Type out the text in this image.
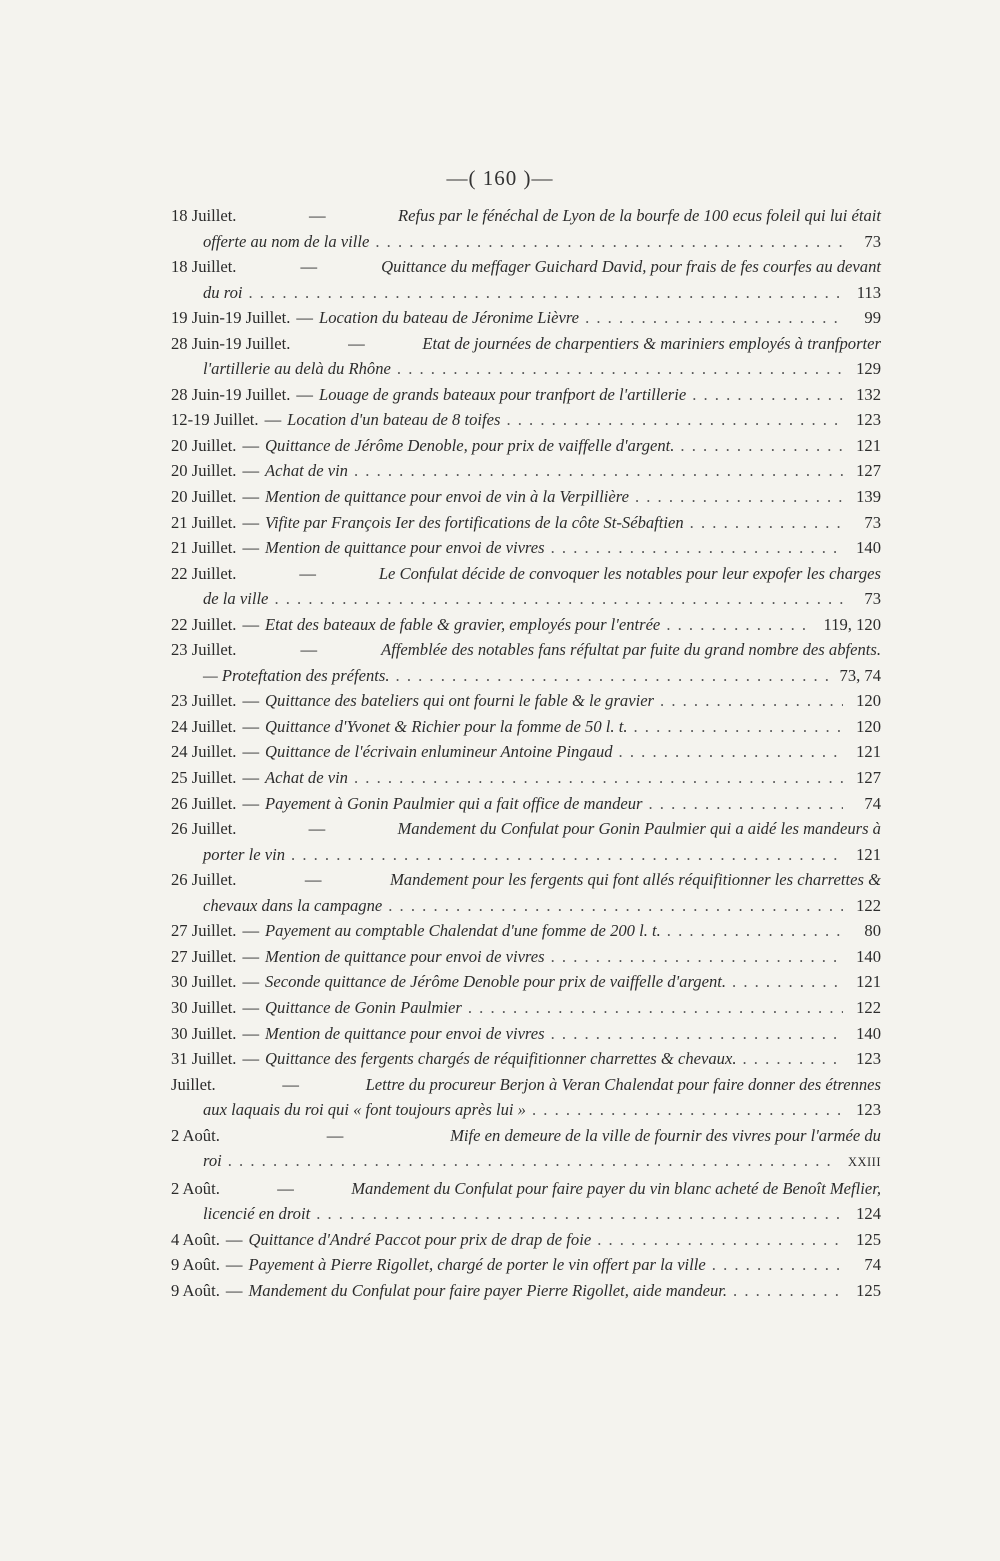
—( 160 )—
18 Juillet.	—	Refus par le fénéchal de Lyon de la bourfe de 100 ecus foleil qui lui était
offerte au nom de la ville . . .	73
18 Juillet.	—	Quittance du meffager Guichard David, pour frais de fes courfes au devant
du roi . . .	113
19 Juin-19 Juillet. — Location du bateau de Jéronime Lièvre . . .	99
28 Juin-19 Juillet.	—	Etat de journées de charpentiers & mariniers employés à tranfporter
l'artillerie au delà du Rhône . . .	129
28 Juin-19 Juillet. — Louage de grands bateaux pour tranfport de l'artillerie . . .	132
12-19 Juillet. — Location d'un bateau de 8 toifes . . .	123
20 Juillet. — Quittance de Jérôme Denoble, pour prix de vaiffelle d'argent. . . .	121
20 Juillet. — Achat de vin . . .	127
20 Juillet. — Mention de quittance pour envoi de vin à la Verpillière . . .	139
21 Juillet. — Vifite par François Ier des fortifications de la côte St-Sébaftien . . .	73
21 Juillet. — Mention de quittance pour envoi de vivres . . .	140
22 Juillet.	—	Le Confulat décide de convoquer les notables pour leur expofer les charges
de la ville . . .	73
22 Juillet. — Etat des bateaux de fable & gravier, employés pour l'entrée . . .	119, 120
23 Juillet.	—	Affemblée des notables fans réfultat par fuite du grand nombre des abfents.
— Proteftation des préfents. . . .	73, 74
23 Juillet. — Quittance des bateliers qui ont fourni le fable & le gravier . . .	120
24 Juillet. — Quittance d'Yvonet & Richier pour la fomme de 50 l. t. . . .	120
24 Juillet. — Quittance de l'écrivain enlumineur Antoine Pingaud . . .	121
25 Juillet. — Achat de vin . . .	127
26 Juillet. — Payement à Gonin Paulmier qui a fait office de mandeur . . .	74
26 Juillet.	—	Mandement du Confulat pour Gonin Paulmier qui a aidé les mandeurs à
porter le vin . . .	121
26 Juillet.	—	Mandement pour les fergents qui font allés réquifitionner les charrettes &
chevaux dans la campagne . . .	122
27 Juillet. — Payement au comptable Chalendat d'une fomme de 200 l. t. . . .	80
27 Juillet. — Mention de quittance pour envoi de vivres . . .	140
30 Juillet. — Seconde quittance de Jérôme Denoble pour prix de vaiffelle d'argent. . . .	121
30 Juillet. — Quittance de Gonin Paulmier . . .	122
30 Juillet. — Mention de quittance pour envoi de vivres . . .	140
31 Juillet. — Quittance des fergents chargés de réquifitionner charrettes & chevaux. . . .	123
Juillet.	—	Lettre du procureur Berjon à Veran Chalendat pour faire donner des étrennes
aux laquais du roi qui « font toujours après lui » . . .	123
2 Août.	—	Mife en demeure de la ville de fournir des vivres pour l'armée du
roi . . .	XXIII
2 Août.	—	Mandement du Confulat pour faire payer du vin blanc acheté de Benoît Meflier,
licencié en droit . . .	124
4 Août. — Quittance d'André Paccot pour prix de drap de foie . . .	125
9 Août. — Payement à Pierre Rigollet, chargé de porter le vin offert par la ville . . .	74
9 Août. — Mandement du Confulat pour faire payer Pierre Rigollet, aide mandeur. . . .	125
